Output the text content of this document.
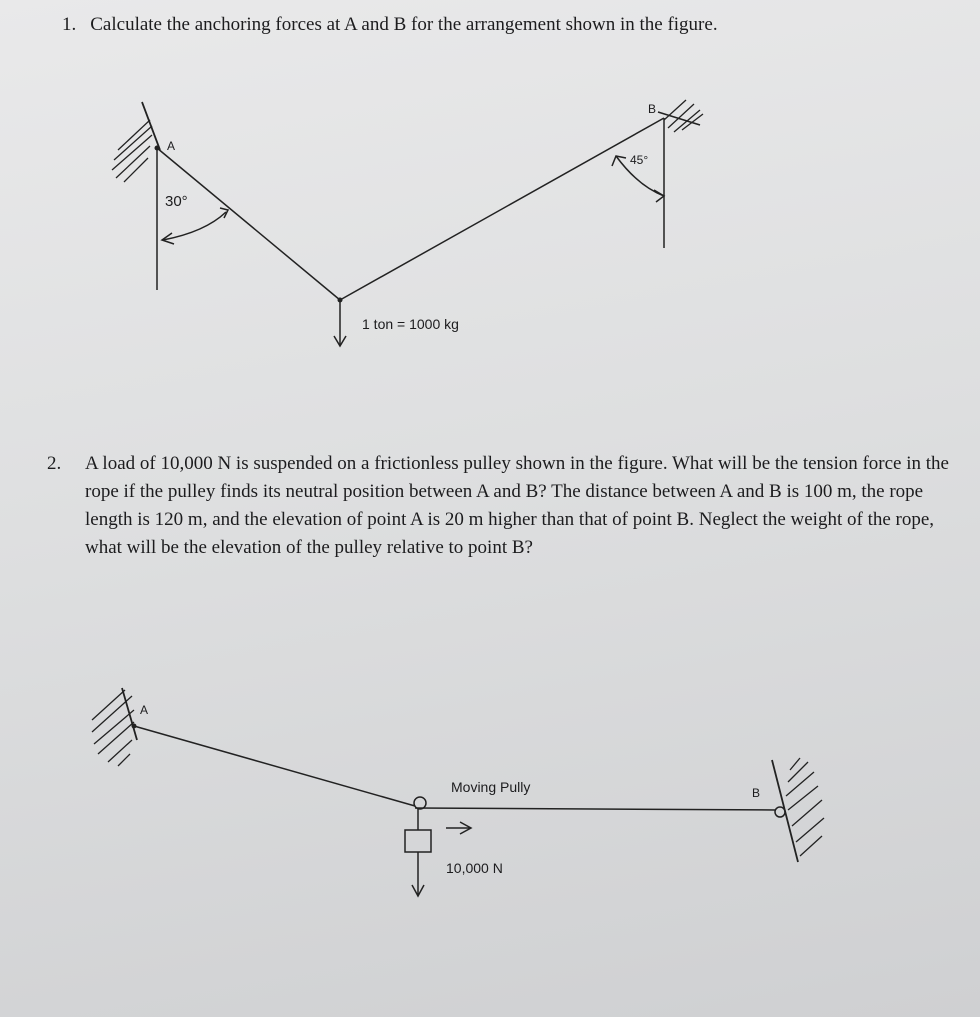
1. Calculate the anchoring forces at A and B for the arrangement shown in the figure.
A
B
30°
45°
1 ton = 1000 kg
2. A load of 10,000 N is suspended on a frictionless pulley shown in the figure. What will be the tension force in the rope if the pulley finds its neutral position between A and B? The distance between A and B is 100 m, the rope length is 120 m, and the elevation of point A is 20 m higher than that of point B. Neglect the weight of the rope, what will be the elevation of the pulley relative to point B?
A
B
Moving Pully
10,000 N
